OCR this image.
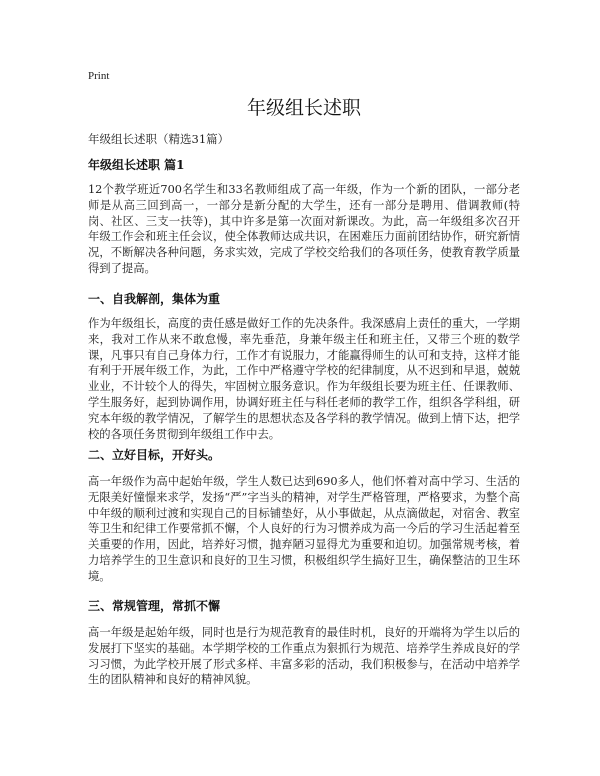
Print
年级组长述职
年级组长述职（精选31篇）
年级组长述职 篇1

12个教学班近700名学生和33名教师组成了高一年级，作为一个新的团队，一部分老师是从高三回到高一，一部分是新分配的大学生，还有一部分是聘用、借调教师(特岗、社区、三支一扶等)，其中许多是第一次面对新课改。为此，高一年级组多次召开年级工作会和班主任会议，使全体教师达成共识，在困难压力面前团结协作，研究新情况，不断解决各种问题，务求实效，完成了学校交给我们的各项任务，使教育教学质量得到了提高。

一、自我解剖，集体为重

作为年级组长，高度的责任感是做好工作的先决条件。我深感肩上责任的重大，一学期来，我对工作从来不敢怠慢，率先垂范，身兼年级主任和班主任，又带三个班的数学课，凡事只有自己身体力行，工作才有说服力，才能赢得师生的认可和支持，这样才能有利于开展年级工作，为此，工作中严格遵守学校的纪律制度，从不迟到和早退，兢兢业业，不计较个人的得失，牢固树立服务意识。作为年级组长要为班主任、任课教师、学生服务好，起到协调作用，协调好班主任与科任老师的教学工作，组织各学科组，研究本年级的教学情况，了解学生的思想状态及各学科的教学情况。做到上情下达，把学校的各项任务贯彻到年级组工作中去。

二、立好目标，开好头。

高一年级作为高中起始年级，学生人数已达到690多人，他们怀着对高中学习、生活的无限美好憧憬来求学，发扬“严”字当头的精神，对学生严格管理，严格要求，为整个高中年级的顺利过渡和实现自己的目标铺垫好，从小事做起，从点滴做起，对宿舍、教室等卫生和纪律工作要常抓不懈，个人良好的行为习惯养成为高一今后的学习生活起着至关重要的作用，因此，培养好习惯，抛弃陋习显得尤为重要和迫切。加强常规考核，着力培养学生的卫生意识和良好的卫生习惯，积极组织学生搞好卫生，确保整洁的卫生环境。

三、常规管理，常抓不懈

高一年级是起始年级，同时也是行为规范教育的最佳时机，良好的开端将为学生以后的发展打下坚实的基础。本学期学校的工作重点为狠抓行为规范、培养学生养成良好的学习习惯，为此学校开展了形式多样、丰富多彩的活动，我们积极参与，在活动中培养学生的团队精神和良好的精神风貌。
